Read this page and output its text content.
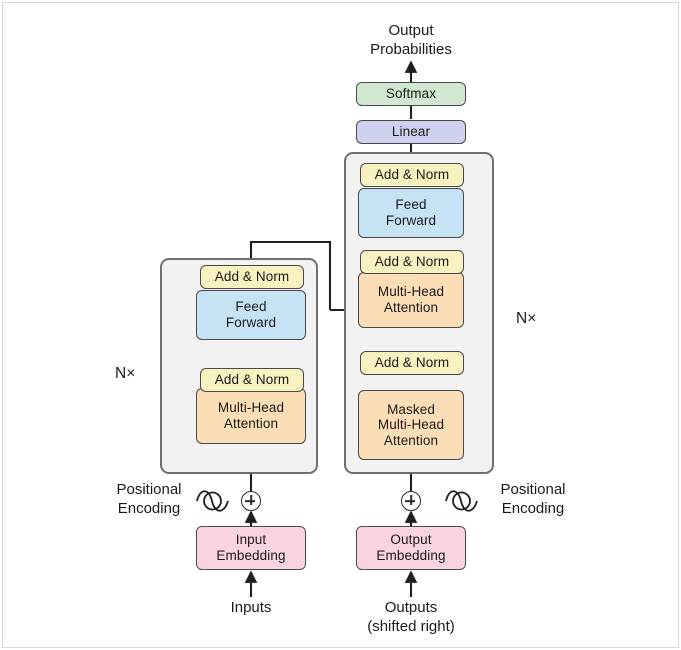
Multi-Head
Attention
Add & Norm
Feed
Forward
Add & Norm
Masked
Multi-Head
Attention
Add & Norm
Multi-Head
Attention
Add & Norm
Feed
Forward
Add & Norm
Linear
Softmax
Input
Embedding
Output
Embedding
Output
Probabilities
Positional
Encoding
Positional
Encoding
Inputs	Outputs
(shifted right)
N×
N×
